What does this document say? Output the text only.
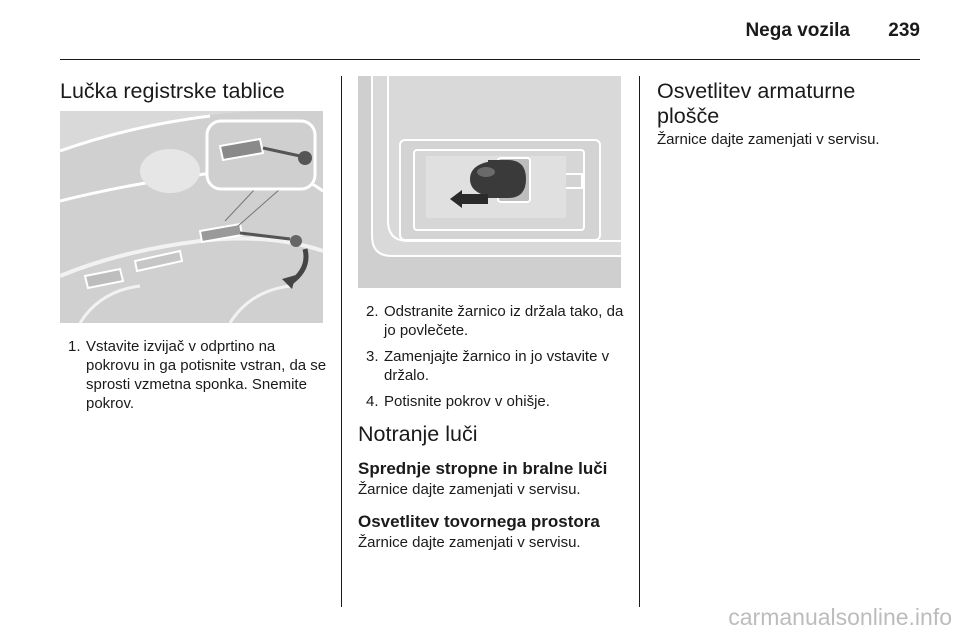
Nega vozila	239
Lučka registrske tablice
1. Vstavite izvijač v odprtino na pokrovu in ga potisnite vstran, da se sprosti vzmetna sponka. Snemite pokrov.
2. Odstranite žarnico iz držala tako, da jo povlečete.
3. Zamenjajte žarnico in jo vstavite v držalo.
4. Potisnite pokrov v ohišje.
Notranje luči
Sprednje stropne in bralne luči

Žarnice dajte zamenjati v servisu.

Osvetlitev tovornega prostora

Žarnice dajte zamenjati v servisu.

Osvetlitev armaturne plošče

Žarnice dajte zamenjati v servisu.

carmanualsonline.info
